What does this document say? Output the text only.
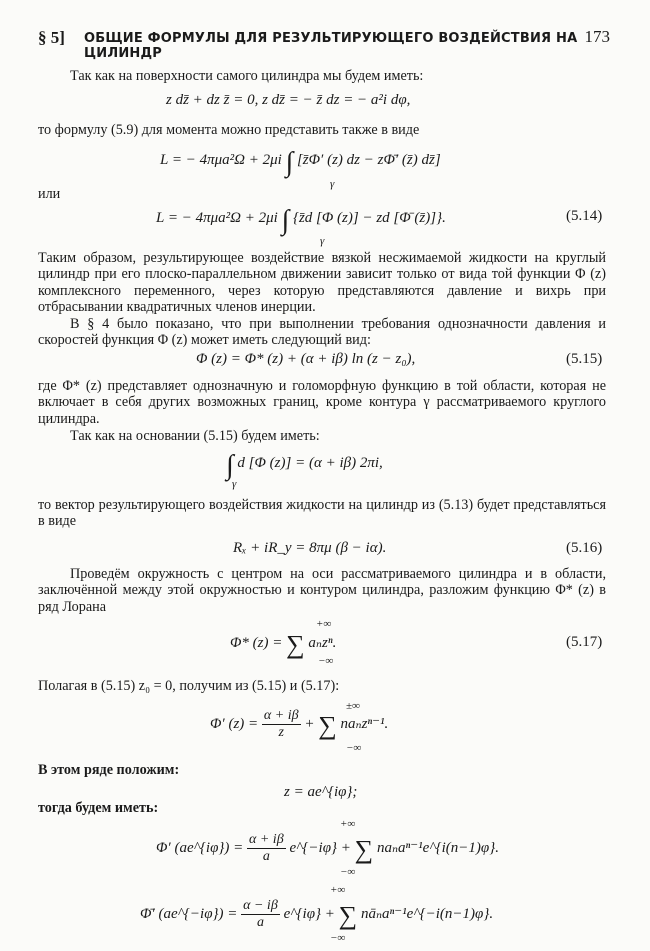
§ 5] ОБЩИЕ ФОРМУЛЫ ДЛЯ РЕЗУЛЬТИРУЮЩЕГО ВОЗДЕЙСТВИЯ НА ЦИЛИНДР
173
Так как на поверхности самого цилиндра мы будем иметь:
z dz̄ + dz z̄ = 0, z dz̄ = − z̄ dz = − a²i dφ,
то формулу (5.9) для момента можно представить также в виде
L = − 4πμa²Ω + 2μi ∫ [z̄Φ′ (z) dz − zΦ̄′ (z̄) dz̄]
γ
или
L = − 4πμa²Ω + 2μi ∫ {z̄d [Φ (z)] − zd [Φ̄ (z̄)]}.
γ
(5.14)
Таким образом, результирующее воздействие вязкой несжимаемой жидкости на круглый цилиндр при его плоско-параллельном движении зависит только от вида той функции Φ (z) комплексного переменного, через которую представляются давление и вихрь при отбрасывании квадратичных членов инерции.
В § 4 было показано, что при выполнении требования однозначности давления и скоростей функция Φ (z) может иметь следующий вид:
Φ (z) = Φ* (z) + (α + iβ) ln (z − z₀),	(5.15)
где Φ* (z) представляет однозначную и голоморфную функцию в той области, которая не включает в себя других возможных границ, кроме контура γ рассматриваемого круглого цилиндра.
Так как на основании (5.15) будем иметь:
∫ d [Φ (z)] = (α + iβ) 2πi,
γ
то вектор результирующего воздействия жидкости на цилиндр из (5.13) будет представляться в виде
Rₓ + iR_y = 8πμ (β − iα).	(5.16)
Проведём окружность с центром на оси рассматриваемого цилиндра и в области, заключённой между этой окружностью и контуром цилиндра, разложим функцию Φ* (z) в ряд Лорана
Φ* (z) = ∑ aₙzⁿ.
+∞
−∞
(5.17)
Полагая в (5.15) z₀ = 0, получим из (5.15) и (5.17):
Φ′ $(z) = \frac{\alpha + i\beta}{z}$ + ∑ naₙzⁿ⁻¹.
±∞
−∞
В этом ряде положим:
z = ae^{iφ};
тогда будем иметь:
Φ′ (ae^{iφ}) = $\frac{\alpha + i\beta}{a}$ e^{−iφ} + ∑ naₙaⁿ⁻¹e^{i(n−1)φ}.
+∞
−∞
Φ̄′ (ae^{−iφ}) = $\frac{\alpha - i\beta}{a}$ e^{iφ} + ∑ nāₙaⁿ⁻¹e^{−i(n−1)φ}.
+∞
−∞
